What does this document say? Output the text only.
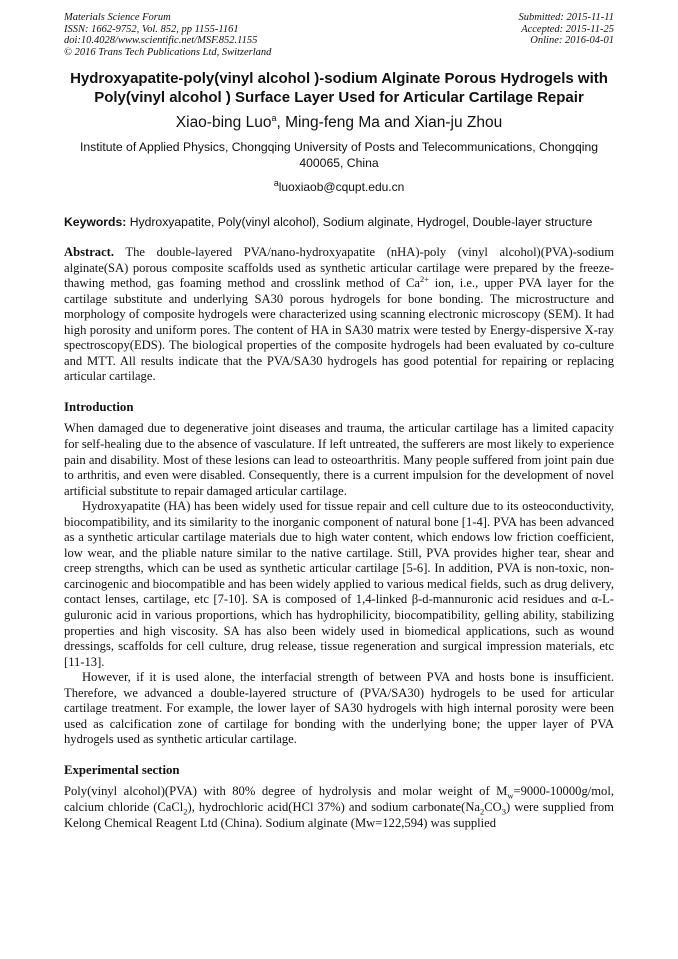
Materials Science Forum
ISSN: 1662-9752, Vol. 852, pp 1155-1161
doi:10.4028/www.scientific.net/MSF.852.1155
© 2016 Trans Tech Publications Ltd, Switzerland
Submitted: 2015-11-11
Accepted: 2015-11-25
Online: 2016-04-01
Hydroxyapatite-poly(vinyl alcohol )-sodium Alginate Porous Hydrogels with Poly(vinyl alcohol ) Surface Layer Used for Articular Cartilage Repair
Xiao-bing Luo$^a$, Ming-feng Ma and Xian-ju Zhou
Institute of Applied Physics, Chongqing University of Posts and Telecommunications, Chongqing 400065, China
$^a$luoxiaob@cqupt.edu.cn
Keywords: Hydroxyapatite, Poly(vinyl alcohol), Sodium alginate, Hydrogel, Double-layer structure

Abstract. The double-layered PVA/nano-hydroxyapatite (nHA)-poly (vinyl alcohol)(PVA)-sodium alginate(SA) porous composite scaffolds used as synthetic articular cartilage were prepared by the freeze-thawing method, gas foaming method and crosslink method of $Ca^{2+}$ ion, i.e., upper PVA layer for the cartilage substitute and underlying SA30 porous hydrogels for bone bonding. The microstructure and morphology of composite hydrogels were characterized using scanning electronic microscopy (SEM). It had high porosity and uniform pores. The content of HA in SA30 matrix were tested by Energy-dispersive X-ray spectroscopy(EDS). The biological properties of the composite hydrogels had been evaluated by co-culture and MTT. All results indicate that the PVA/SA30 hydrogels has good potential for repairing or replacing articular cartilage.

Introduction

When damaged due to degenerative joint diseases and trauma, the articular cartilage has a limited capacity for self-healing due to the absence of vasculature. If left untreated, the sufferers are most likely to experience pain and disability. Most of these lesions can lead to osteoarthritis. Many people suffered from joint pain due to arthritis, and even were disabled. Consequently, there is a current impulsion for the development of novel artificial substitute to repair damaged articular cartilage.

Hydroxyapatite (HA) has been widely used for tissue repair and cell culture due to its osteoconductivity, biocompatibility, and its similarity to the inorganic component of natural bone [1-4]. PVA has been advanced as a synthetic articular cartilage materials due to high water content, which endows low friction coefficient, low wear, and the pliable nature similar to the native cartilage. Still, PVA provides higher tear, shear and creep strengths, which can be used as synthetic articular cartilage [5-6]. In addition, PVA is non-toxic, non-carcinogenic and biocompatible and has been widely applied to various medical fields, such as drug delivery, contact lenses, cartilage, etc [7-10]. SA is composed of 1,4-linked β-d-mannuronic acid residues and α-L-guluronic acid in various proportions, which has hydrophilicity, biocompatibility, gelling ability, stabilizing properties and high viscosity. SA has also been widely used in biomedical applications, such as wound dressings, scaffolds for cell culture, drug release, tissue regeneration and surgical impression materials, etc [11-13].

However, if it is used alone, the interfacial strength of between PVA and hosts bone is insufficient. Therefore, we advanced a double-layered structure of (PVA/SA30) hydrogels to be used for articular cartilage treatment. For example, the lower layer of SA30 hydrogels with high internal porosity were been used as calcification zone of cartilage for bonding with the underlying bone; the upper layer of PVA hydrogels used as synthetic articular cartilage.

Experimental section

Poly(vinyl alcohol)(PVA) with 80% degree of hydrolysis and molar weight of $M_w=9000-10000g$/mol, calcium chloride (CaCl$_2$), hydrochloric acid(HCl 37%) and sodium $carbonate(Na_2CO_3)$ were supplied from Kelong Chemical Reagent Ltd (China). Sodium alginate (Mw=122,594) was supplied
